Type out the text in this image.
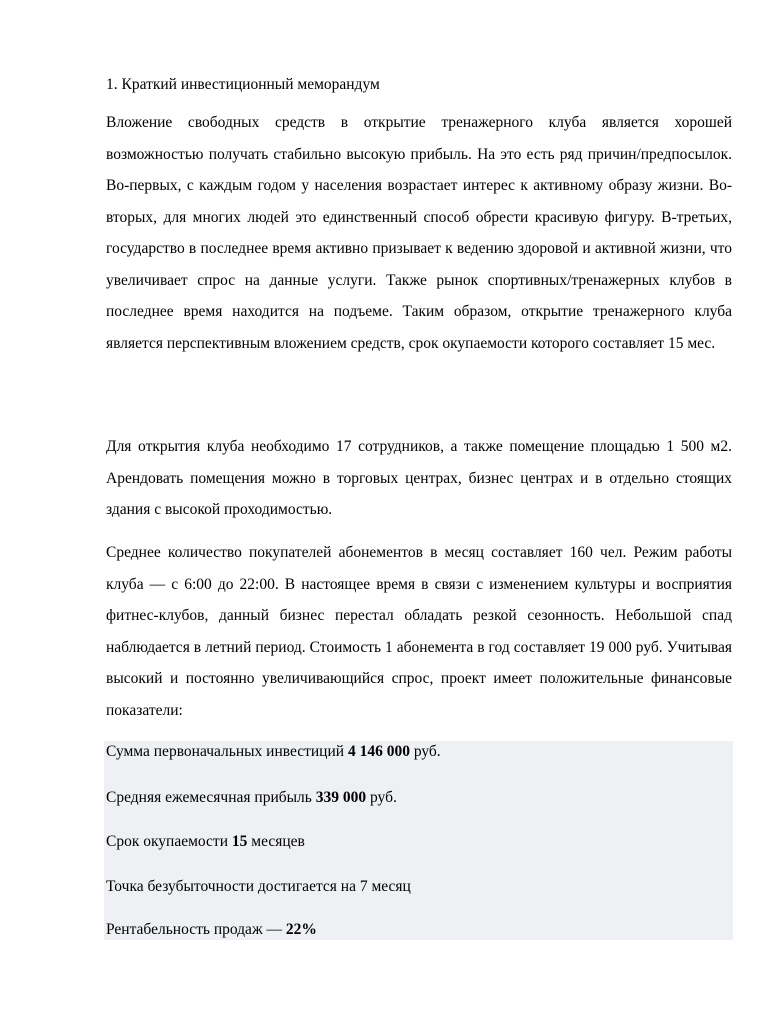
1. Краткий инвестиционный меморандум

Вложение свободных средств в открытие тренажерного клуба является хорошей возможностью получать стабильно высокую прибыль. На это есть ряд причин/предпосылок. Во-первых, с каждым годом у населения возрастает интерес к активному образу жизни. Во-вторых, для многих людей это единственный способ обрести красивую фигуру. В-третьих, государство в последнее время активно призывает к ведению здоровой и активной жизни, что увеличивает спрос на данные услуги. Также рынок спортивных/тренажерных клубов в последнее время находится на подъеме. Таким образом, открытие тренажерного клуба является перспективным вложением средств, срок окупаемости которого составляет 15 мес.

Для открытия клуба необходимо 17 сотрудников, а также помещение площадью 1 500 м2. Арендовать помещения можно в торговых центрах, бизнес центрах и в отдельно стоящих здания с высокой проходимостью.

Среднее количество покупателей абонементов в месяц составляет 160 чел. Режим работы клуба — с 6:00 до 22:00. В настоящее время в связи с изменением культуры и восприятия фитнес-клубов, данный бизнес перестал обладать резкой сезонность. Небольшой спад наблюдается в летний период. Стоимость 1 абонемента в год составляет 19 000 руб. Учитывая высокий и постоянно увеличивающийся спрос, проект имеет положительные финансовые показатели:

Сумма первоначальных инвестиций 4 146 000 руб.
Средняя ежемесячная прибыль 339 000 руб.
Срок окупаемости 15 месяцев
Точка безубыточности достигается на 7 месяц
Рентабельность продаж — 22%
